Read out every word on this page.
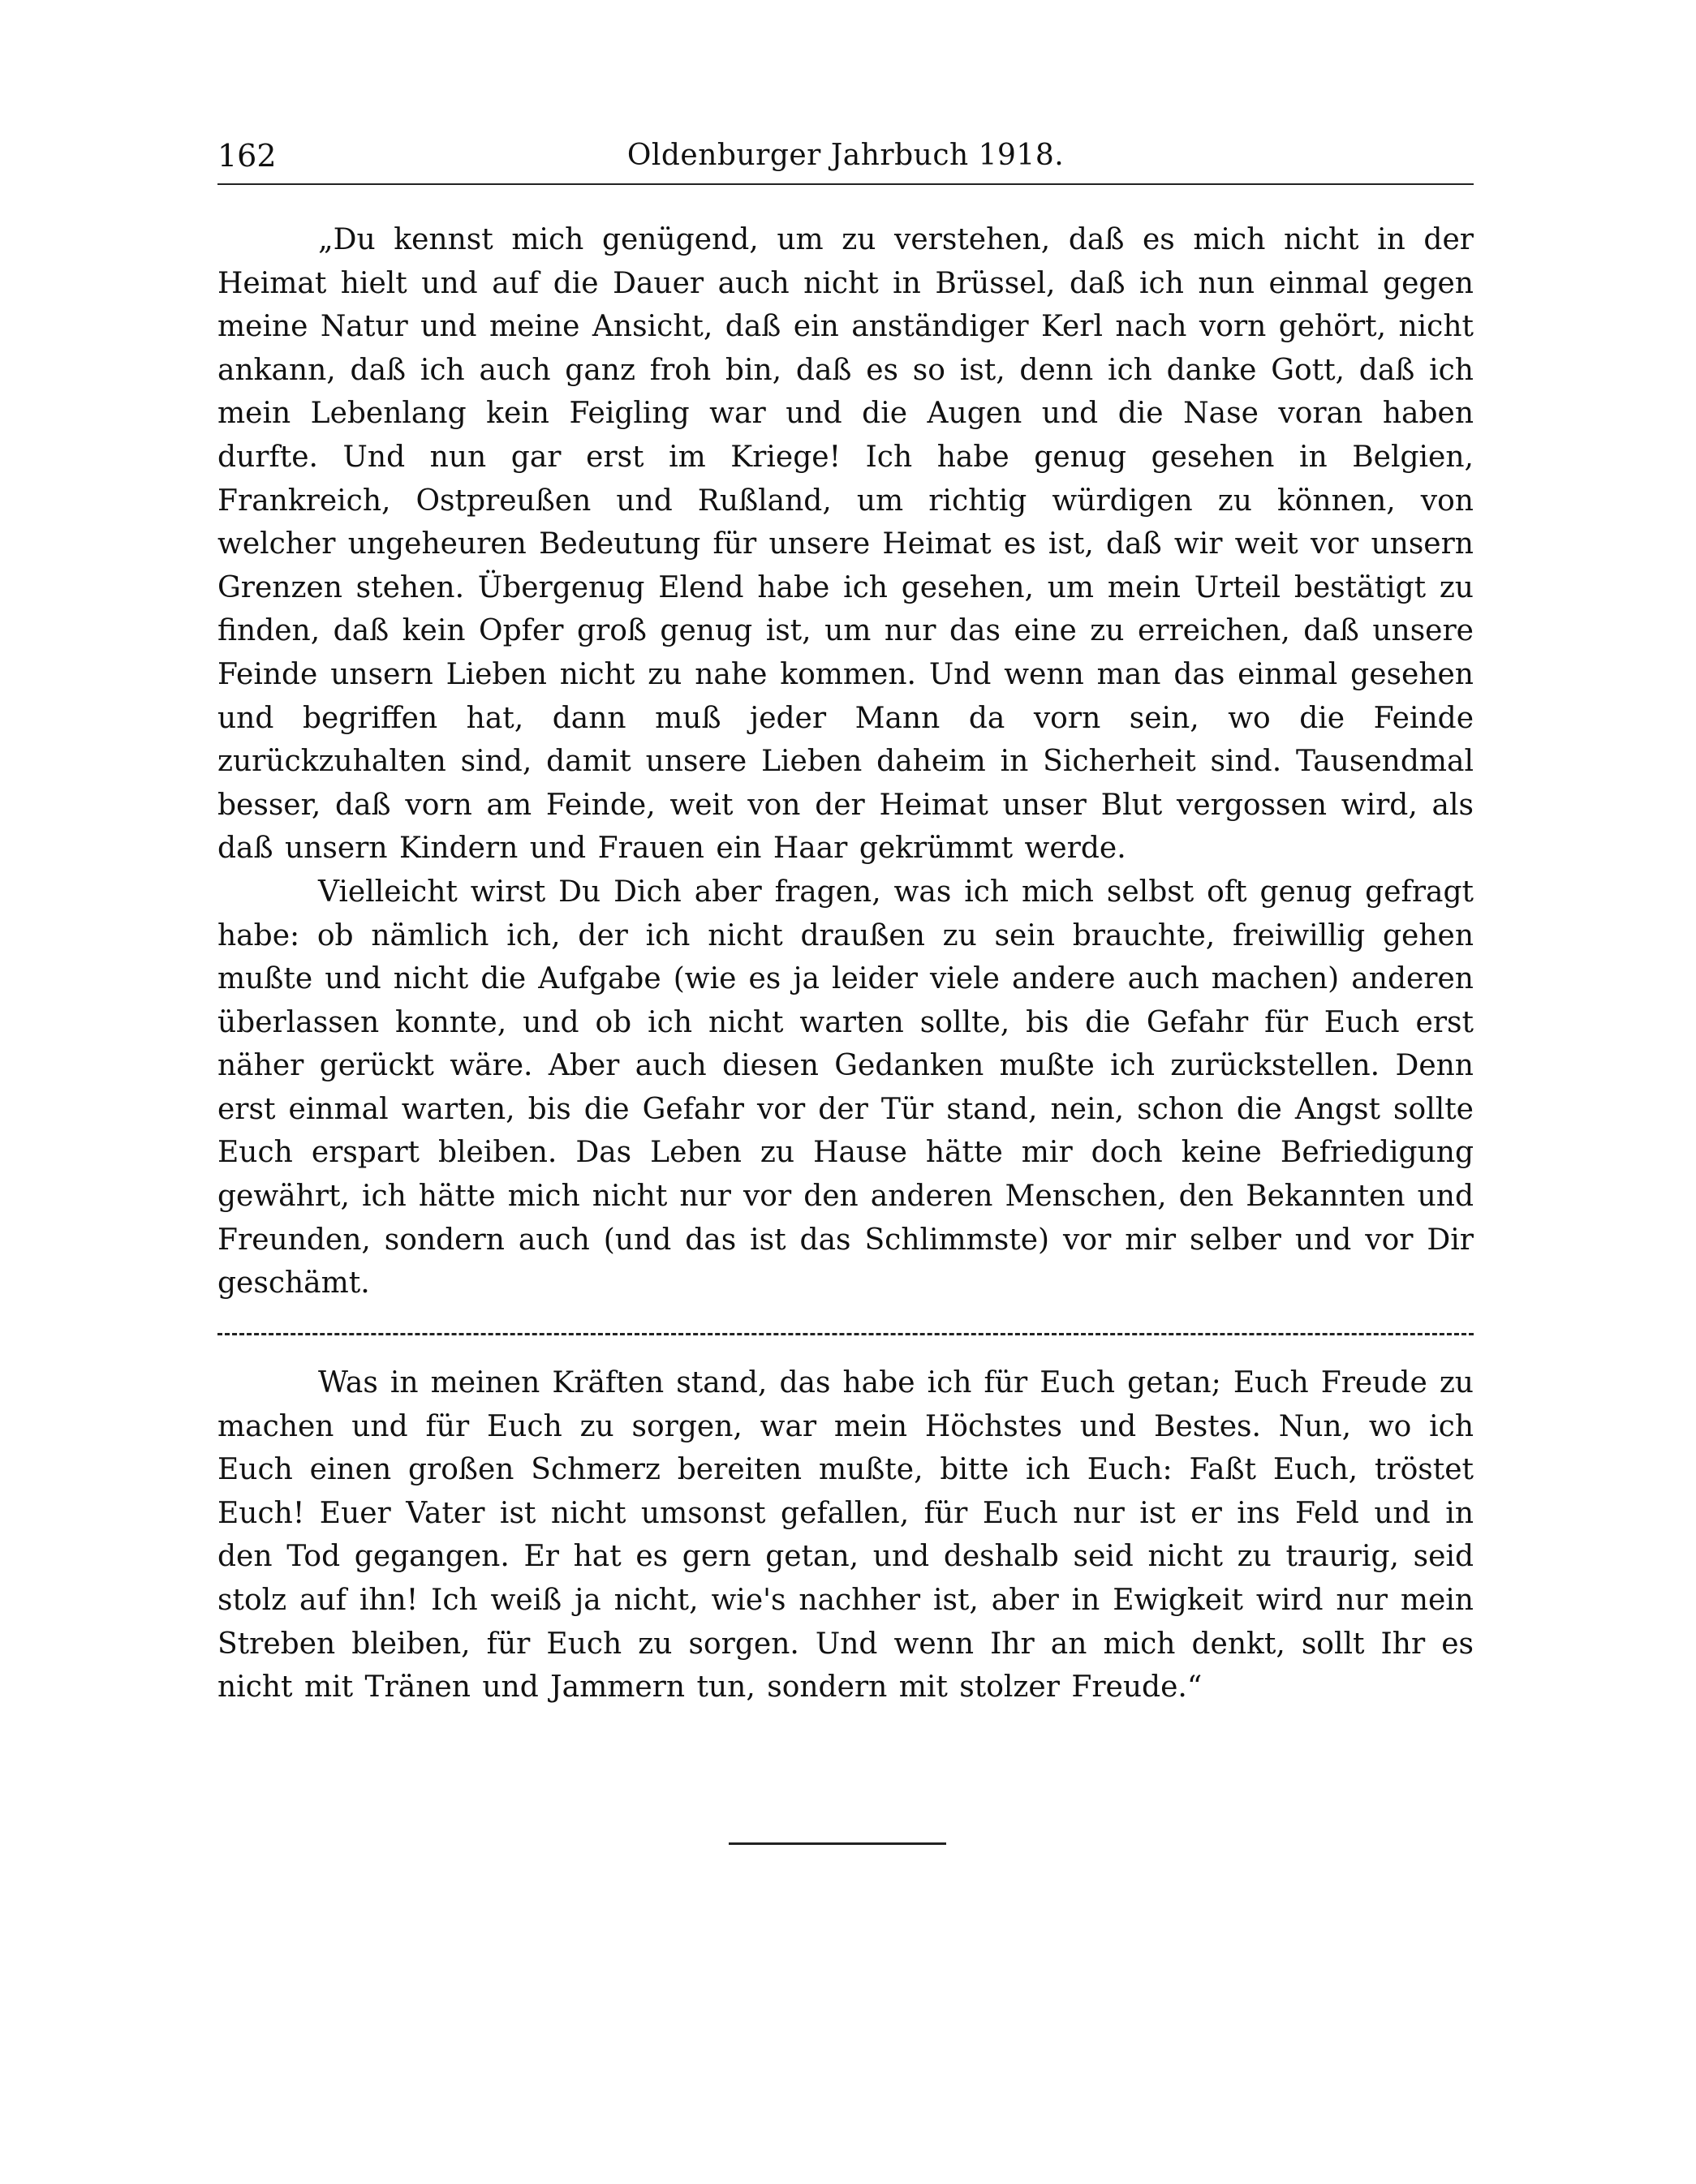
162	Oldenburger Jahrbuch 1918.

„Du kennst mich genügend, um zu verstehen, daß es mich nicht in der Heimat hielt und auf die Dauer auch nicht in Brüssel, daß ich nun einmal gegen meine Natur und meine Ansicht, daß ein anständiger Kerl nach vorn gehört, nicht ankann, daß ich auch ganz froh bin, daß es so ist, denn ich danke Gott, daß ich mein Lebenlang kein Feigling war und die Augen und die Nase voran haben durfte. Und nun gar erst im Kriege! Ich habe genug gesehen in Belgien, Frankreich, Ostpreußen und Rußland, um richtig würdigen zu können, von welcher ungeheuren Bedeutung für unsere Heimat es ist, daß wir weit vor unsern Grenzen stehen. Übergenug Elend habe ich gesehen, um mein Urteil bestätigt zu finden, daß kein Opfer groß genug ist, um nur das eine zu erreichen, daß unsere Feinde unsern Lieben nicht zu nahe kommen. Und wenn man das einmal gesehen und begriffen hat, dann muß jeder Mann da vorn sein, wo die Feinde zurückzuhalten sind, damit unsere Lieben daheim in Sicherheit sind. Tausendmal besser, daß vorn am Feinde, weit von der Heimat unser Blut vergossen wird, als daß unsern Kindern und Frauen ein Haar gekrümmt werde.

Vielleicht wirst Du Dich aber fragen, was ich mich selbst oft genug gefragt habe: ob nämlich ich, der ich nicht draußen zu sein brauchte, freiwillig gehen mußte und nicht die Aufgabe (wie es ja leider viele andere auch machen) anderen überlassen konnte, und ob ich nicht warten sollte, bis die Gefahr für Euch erst näher gerückt wäre. Aber auch diesen Gedanken mußte ich zurückstellen. Denn erst einmal warten, bis die Gefahr vor der Tür stand, nein, schon die Angst sollte Euch erspart bleiben. Das Leben zu Hause hätte mir doch keine Befriedigung gewährt, ich hätte mich nicht nur vor den anderen Menschen, den Bekannten und Freunden, sondern auch (und das ist das Schlimmste) vor mir selber und vor Dir geschämt.

Was in meinen Kräften stand, das habe ich für Euch getan; Euch Freude zu machen und für Euch zu sorgen, war mein Höchstes und Bestes. Nun, wo ich Euch einen großen Schmerz bereiten mußte, bitte ich Euch: Faßt Euch, tröstet Euch! Euer Vater ist nicht umsonst gefallen, für Euch nur ist er ins Feld und in den Tod gegangen. Er hat es gern getan, und deshalb seid nicht zu traurig, seid stolz auf ihn! Ich weiß ja nicht, wie's nachher ist, aber in Ewigkeit wird nur mein Streben bleiben, für Euch zu sorgen. Und wenn Ihr an mich denkt, sollt Ihr es nicht mit Tränen und Jammern tun, sondern mit stolzer Freude.“
